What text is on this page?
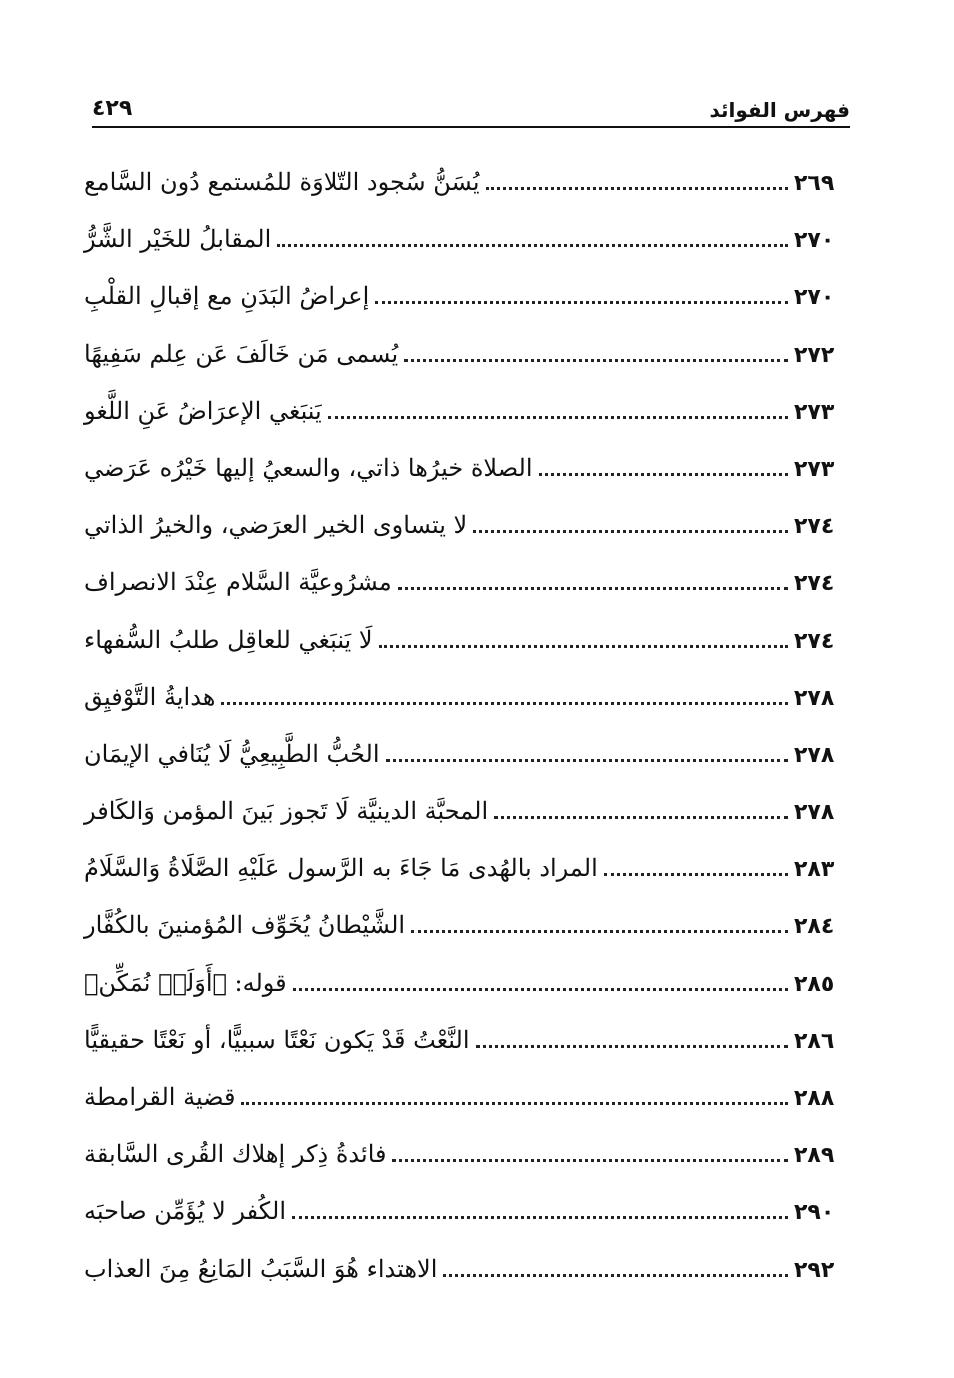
فهرس الفوائد
٤٢٩
يُسَنُّ سُجود التّلاوَة للمُستمع دُون السَّامع	٢٦٩
المقابلُ للخَيْر الشَّرُّ	٢٧٠
إعراضُ البَدَنِ مع إقبالِ القلْبِ	٢٧٠
يُسمى مَن خَالَفَ عَن عِلم سَفِيهًا	٢٧٢
يَنبَغي الإعرَاضُ عَنِ اللَّغو	٢٧٣
الصلاة خيرُها ذاتي، والسعيُ إليها خَيْرُه عَرَضي	٢٧٣
لا يتساوى الخير العرَضي، والخيرُ الذاتي	٢٧٤
مشرُوعيَّة السَّلام عِنْدَ الانصراف	٢٧٤
لَا يَنبَغي للعاقِل طلبُ السُّفهاء	٢٧٤
هدايةُ التَّوْفيِق	٢٧٨
الحُبُّ الطَّبِيعِيُّ لَا يُنَافي الإيمَان	٢٧٨
المحبَّة الدينيَّة لَا تَجوز بَينَ المؤمن وَالكَافر	٢٧٨
المراد بالهُدى مَا جَاءَ به الرَّسول عَلَيْهِ الصَّلَاةُ وَالسَّلَامُ	٢٨٣
الشَّيْطانُ يُخَوِّف المُؤمنينَ بالكُفَّار	٢٨٤
قوله: ﴿أَوَلَمۡ نُمَكِّن﴾	٢٨٥
النَّعْتُ قَدْ يَكون نَعْتًا سببيًّا، أو نَعْتًا حقيقيًّا	٢٨٦
قضية القرامطة	٢٨٨
فائدةُ ذِكر إهلاك القُرى السَّابقة	٢٨٩
الكُفر لا يُؤَمِّن صاحبَه	٢٩٠
الاهتداء هُوَ السَّبَبُ المَانِعُ مِنَ العذاب	٢٩٢
